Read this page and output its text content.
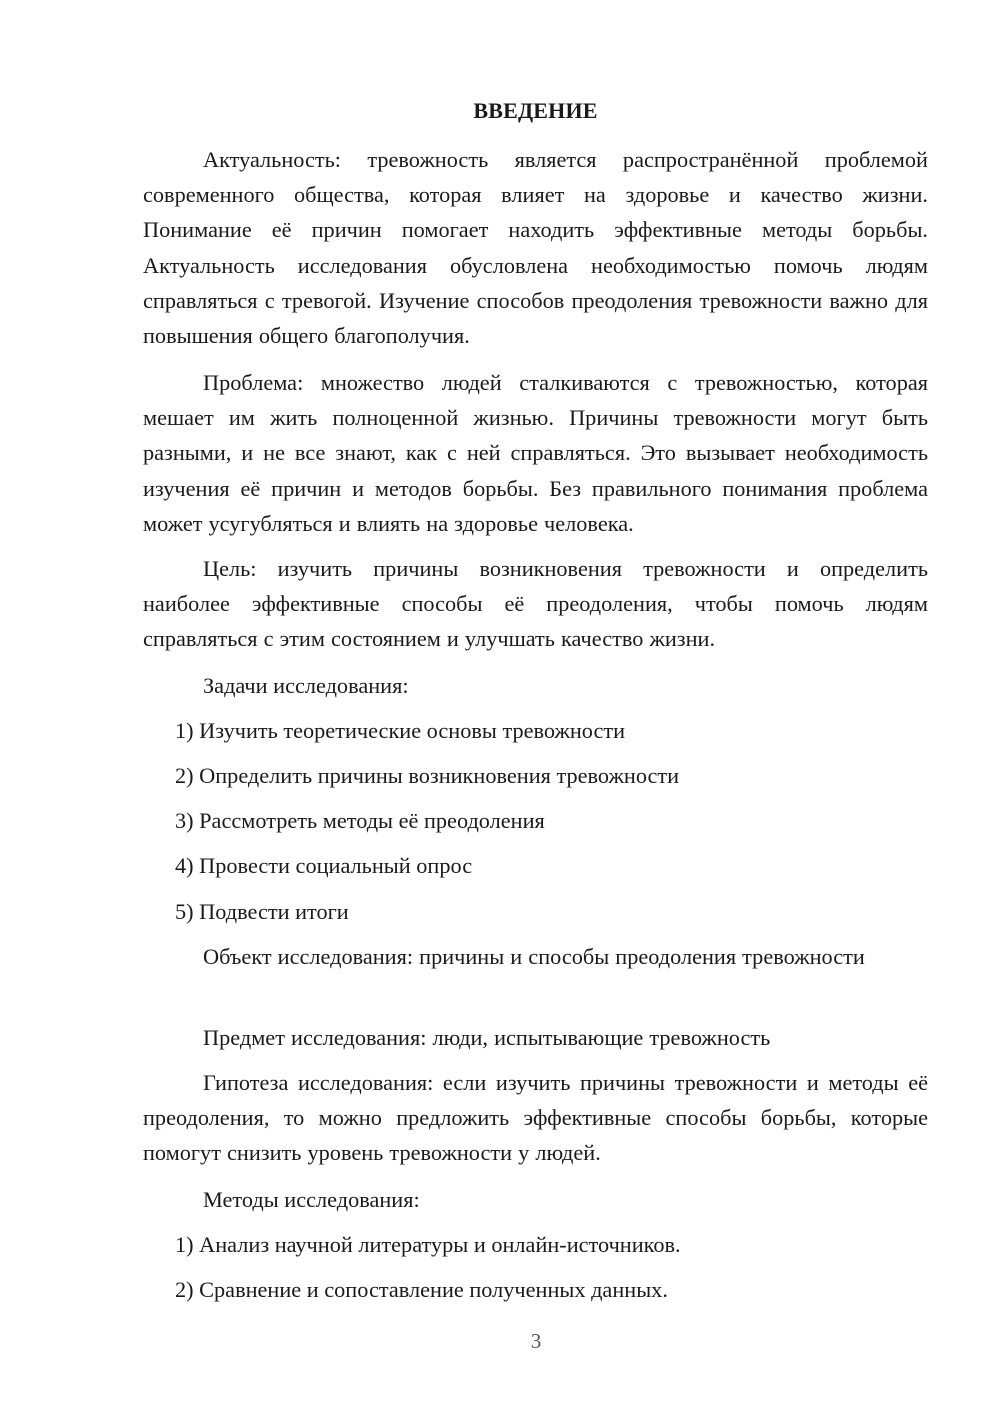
ВВЕДЕНИЕ

Актуальность: тревожность является распространённой проблемой современного общества, которая влияет на здоровье и качество жизни. Понимание её причин помогает находить эффективные методы борьбы. Актуальность исследования обусловлена необходимостью помочь людям справляться с тревогой. Изучение способов преодоления тревожности важно для повышения общего благополучия.

Проблема: множество людей сталкиваются с тревожностью, которая мешает им жить полноценной жизнью. Причины тревожности могут быть разными, и не все знают, как с ней справляться. Это вызывает необходимость изучения её причин и методов борьбы. Без правильного понимания проблема может усугубляться и влиять на здоровье человека.

Цель: изучить причины возникновения тревожности и определить наиболее эффективные способы её преодоления, чтобы помочь людям справляться с этим состоянием и улучшать качество жизни.

Задачи исследования:

1) Изучить теоретические основы тревожности

2) Определить причины возникновения тревожности

3) Рассмотреть методы её преодоления

4) Провести социальный опрос

5) Подвести итоги

Объект исследования: причины и способы преодоления тревожности

Предмет исследования: люди, испытывающие тревожность

Гипотеза исследования: если изучить причины тревожности и методы её преодоления, то можно предложить эффективные способы борьбы, которые помогут снизить уровень тревожности у людей.

Методы исследования:

1) Анализ научной литературы и онлайн-источников.

2) Сравнение и сопоставление полученных данных.

3
